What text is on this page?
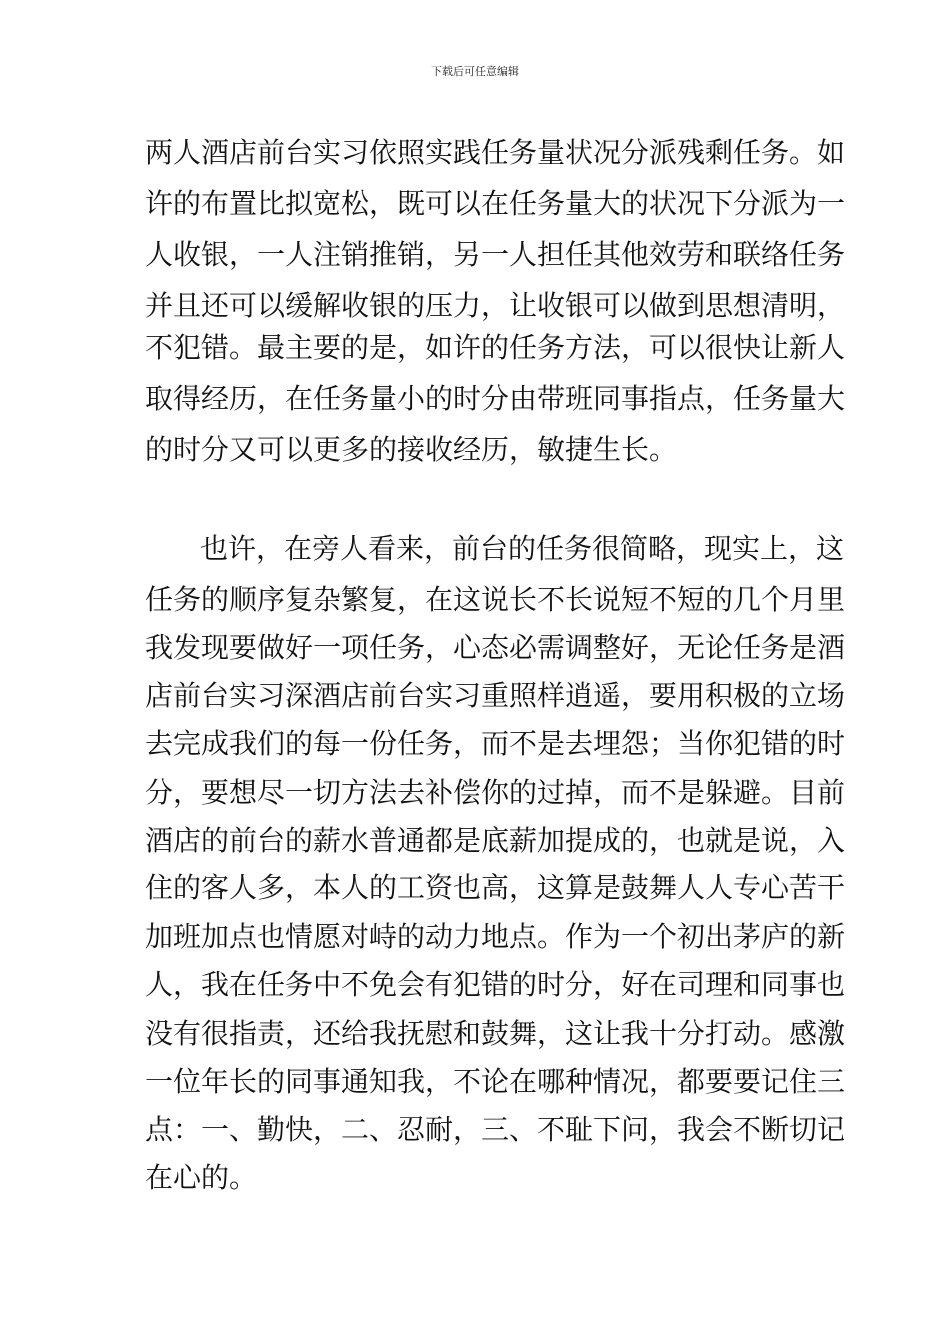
下载后可任意编辑
两人酒店前台实习依照实践任务量状况分派残剩任务。如
许的布置比拟宽松，既可以在任务量大的状况下分派为一
人收银，一人注销推销，另一人担任其他效劳和联络任务
并且还可以缓解收银的压力，让收银可以做到思想清明，
不犯错。最主要的是，如许的任务方法，可以很快让新人
取得经历，在任务量小的时分由带班同事指点，任务量大
的时分又可以更多的接收经历，敏捷生长。
也许，在旁人看来，前台的任务很简略，现实上，这
任务的顺序复杂繁复，在这说长不长说短不短的几个月里
我发现要做好一项任务，心态必需调整好，无论任务是酒
店前台实习深酒店前台实习重照样逍遥，要用积极的立场
去完成我们的每一份任务，而不是去埋怨；当你犯错的时
分，要想尽一切方法去补偿你的过掉，而不是躲避。目前
酒店的前台的薪水普通都是底薪加提成的，也就是说，入
住的客人多，本人的工资也高，这算是鼓舞人人专心苦干
加班加点也情愿对峙的动力地点。作为一个初出茅庐的新
人，我在任务中不免会有犯错的时分，好在司理和同事也
没有很指责，还给我抚慰和鼓舞，这让我十分打动。感激
一位年长的同事通知我，不论在哪种情况，都要要记住三
点：一、勤快，二、忍耐，三、不耻下问，我会不断切记
在心的。
